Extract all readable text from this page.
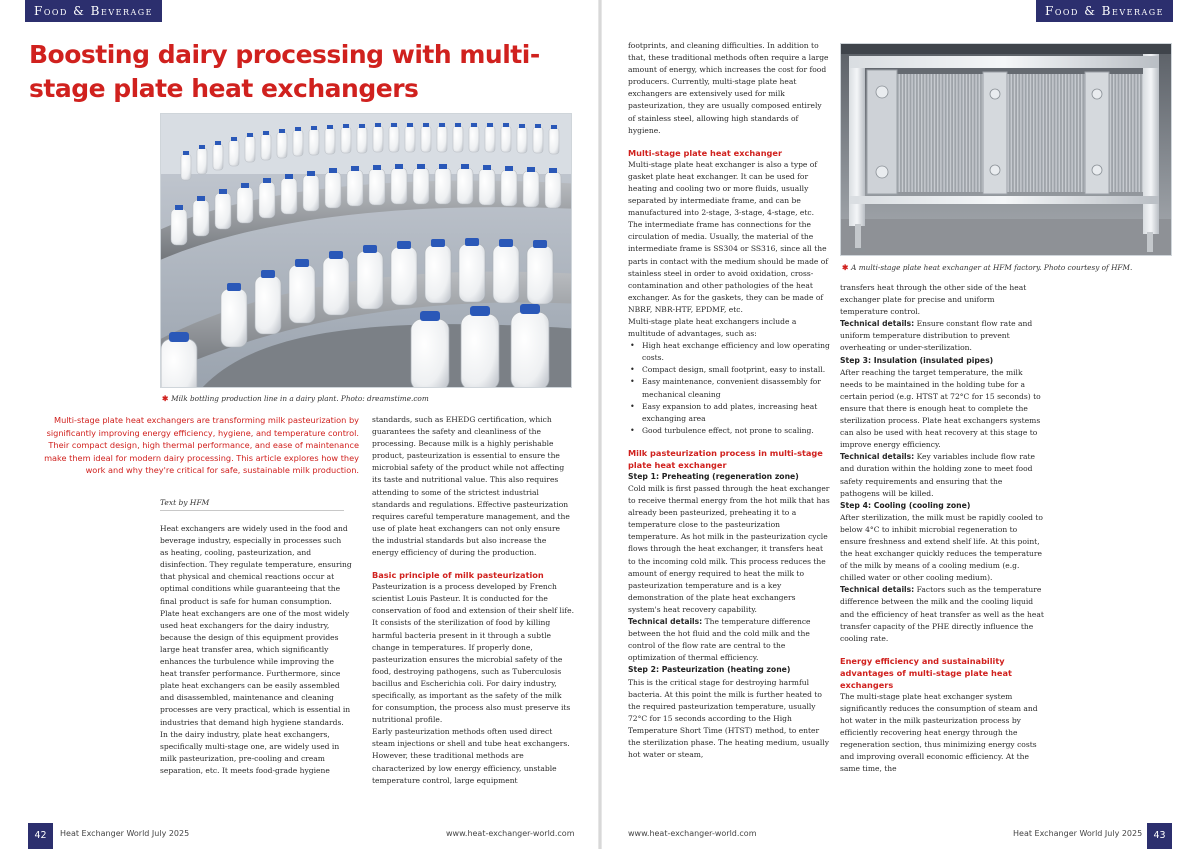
Food & Beverage
Boosting dairy processing with multi-stage plate heat exchangers
✱ Milk bottling production line in a dairy plant. Photo: dreamstime.com
Multi-stage plate heat exchangers are transforming milk pasteurization by significantly improving energy efficiency, hygiene, and temperature control. Their compact design, high thermal performance, and ease of maintenance make them ideal for modern dairy processing. This article explores how they work and why they're critical for safe, sustainable milk production.
Text by HFM

Heat exchangers are widely used in the food and beverage industry, especially in processes such as heating, cooling, pasteurization, and disinfection. They regulate temperature, ensuring that physical and chemical reactions occur at optimal conditions while guaranteeing that the final product is safe for human consumption.

Plate heat exchangers are one of the most widely used heat exchangers for the dairy industry, because the design of this equipment provides large heat transfer area, which significantly enhances the turbulence while improving the heat transfer performance. Furthermore, since plate heat exchangers can be easily assembled and disassembled, maintenance and cleaning processes are very practical, which is essential in industries that demand high hygiene standards.

In the dairy industry, plate heat exchangers, specifically multi-stage one, are widely used in milk pasteurization, pre-cooling and cream separation, etc. It meets food-grade hygiene

standards, such as EHEDG certification, which guarantees the safety and cleanliness of the processing. Because milk is a highly perishable product, pasteurization is essential to ensure the microbial safety of the product while not affecting its taste and nutritional value. This also requires attending to some of the strictest industrial standards and regulations. Effective pasteurization requires careful temperature management, and the use of plate heat exchangers can not only ensure the industrial standards but also increase the energy efficiency of during the production.

Basic principle of milk pasteurization

Pasteurization is a process developed by French scientist Louis Pasteur. It is conducted for the conservation of food and extension of their shelf life. It consists of the sterilization of food by killing harmful bacteria present in it through a subtle change in temperatures. If properly done, pasteurization ensures the microbial safety of the food, destroying pathogens, such as Tuberculosis bacillus and Escherichia coli. For dairy industry, specifically, as important as the safety of the milk for consumption, the process also must preserve its nutritional profile.

Early pasteurization methods often used direct steam injections or shell and tube heat exchangers. However, these traditional methods are characterized by low energy efficiency, unstable temperature control, large equipment

42	Heat Exchanger World July 2025	www.heat-exchanger-world.com
Food & Beverage

footprints, and cleaning difficulties. In addition to that, these traditional methods often require a large amount of energy, which increases the cost for food producers. Currently, multi-stage plate heat exchangers are extensively used for milk pasteurization, they are usually composed entirely of stainless steel, allowing high standards of hygiene.

Multi-stage plate heat exchanger

Multi-stage plate heat exchanger is also a type of gasket plate heat exchanger. It can be used for heating and cooling two or more fluids, usually separated by intermediate frame, and can be manufactured into 2-stage, 3-stage, 4-stage, etc. The intermediate frame has connections for the circulation of media. Usually, the material of the intermediate frame is SS304 or SS316, since all the parts in contact with the medium should be made of stainless steel in order to avoid oxidation, cross-contamination and other pathologies of the heat exchanger. As for the gaskets, they can be made of NBRF, NBR-HTF, EPDMF, etc.

Multi-stage plate heat exchangers include a multitude of advantages, such as:

• High heat exchange efficiency and low operating costs.
• Compact design, small footprint, easy to install.
• Easy maintenance, convenient disassembly for mechanical cleaning
• Easy expansion to add plates, increasing heat exchanging area
• Good turbulence effect, not prone to scaling.
Milk pasteurization process in multi-stage plate heat exchanger
Step 1: Preheating (regeneration zone)

Cold milk is first passed through the heat exchanger to receive thermal energy from the hot milk that has already been pasteurized, preheating it to a temperature close to the pasteurization temperature. As hot milk in the pasteurization cycle flows through the heat exchanger, it transfers heat to the incoming cold milk. This process reduces the amount of energy required to heat the milk to pasteurization temperature and is a key demonstration of the plate heat exchangers system's heat recovery capability.

Technical details: The temperature difference between the hot fluid and the cold milk and the control of the flow rate are central to the optimization of thermal efficiency.

Step 2: Pasteurization (heating zone)

This is the critical stage for destroying harmful bacteria. At this point the milk is further heated to the required pasteurization temperature, usually 72°C for 15 seconds according to the High Temperature Short Time (HTST) method, to enter the sterilization phase. The heating medium, usually hot water or steam,

✱ A multi-stage plate heat exchanger at HFM factory. Photo courtesy of HFM.

transfers heat through the other side of the heat exchanger plate for precise and uniform temperature control.

Technical details: Ensure constant flow rate and uniform temperature distribution to prevent overheating or under-sterilization.

Step 3: Insulation (insulated pipes)

After reaching the target temperature, the milk needs to be maintained in the holding tube for a certain period (e.g. HTST at 72°C for 15 seconds) to ensure that there is enough heat to complete the sterilization process. Plate heat exchangers systems can also be used with heat recovery at this stage to improve energy efficiency.

Technical details: Key variables include flow rate and duration within the holding zone to meet food safety requirements and ensuring that the pathogens will be killed.

Step 4: Cooling (cooling zone)

After sterilization, the milk must be rapidly cooled to below 4°C to inhibit microbial regeneration to ensure freshness and extend shelf life. At this point, the heat exchanger quickly reduces the temperature of the milk by means of a cooling medium (e.g. chilled water or other cooling medium).

Technical details: Factors such as the temperature difference between the milk and the cooling liquid and the efficiency of heat transfer as well as the heat transfer capacity of the PHE directly influence the cooling rate.

Energy efficiency and sustainability advantages of multi-stage plate heat exchangers

The multi-stage plate heat exchanger system significantly reduces the consumption of steam and hot water in the milk pasteurization process by efficiently recovering heat energy through the regeneration section, thus minimizing energy costs and improving overall economic efficiency. At the same time, the

www.heat-exchanger-world.com	Heat Exchanger World July 2025	43
